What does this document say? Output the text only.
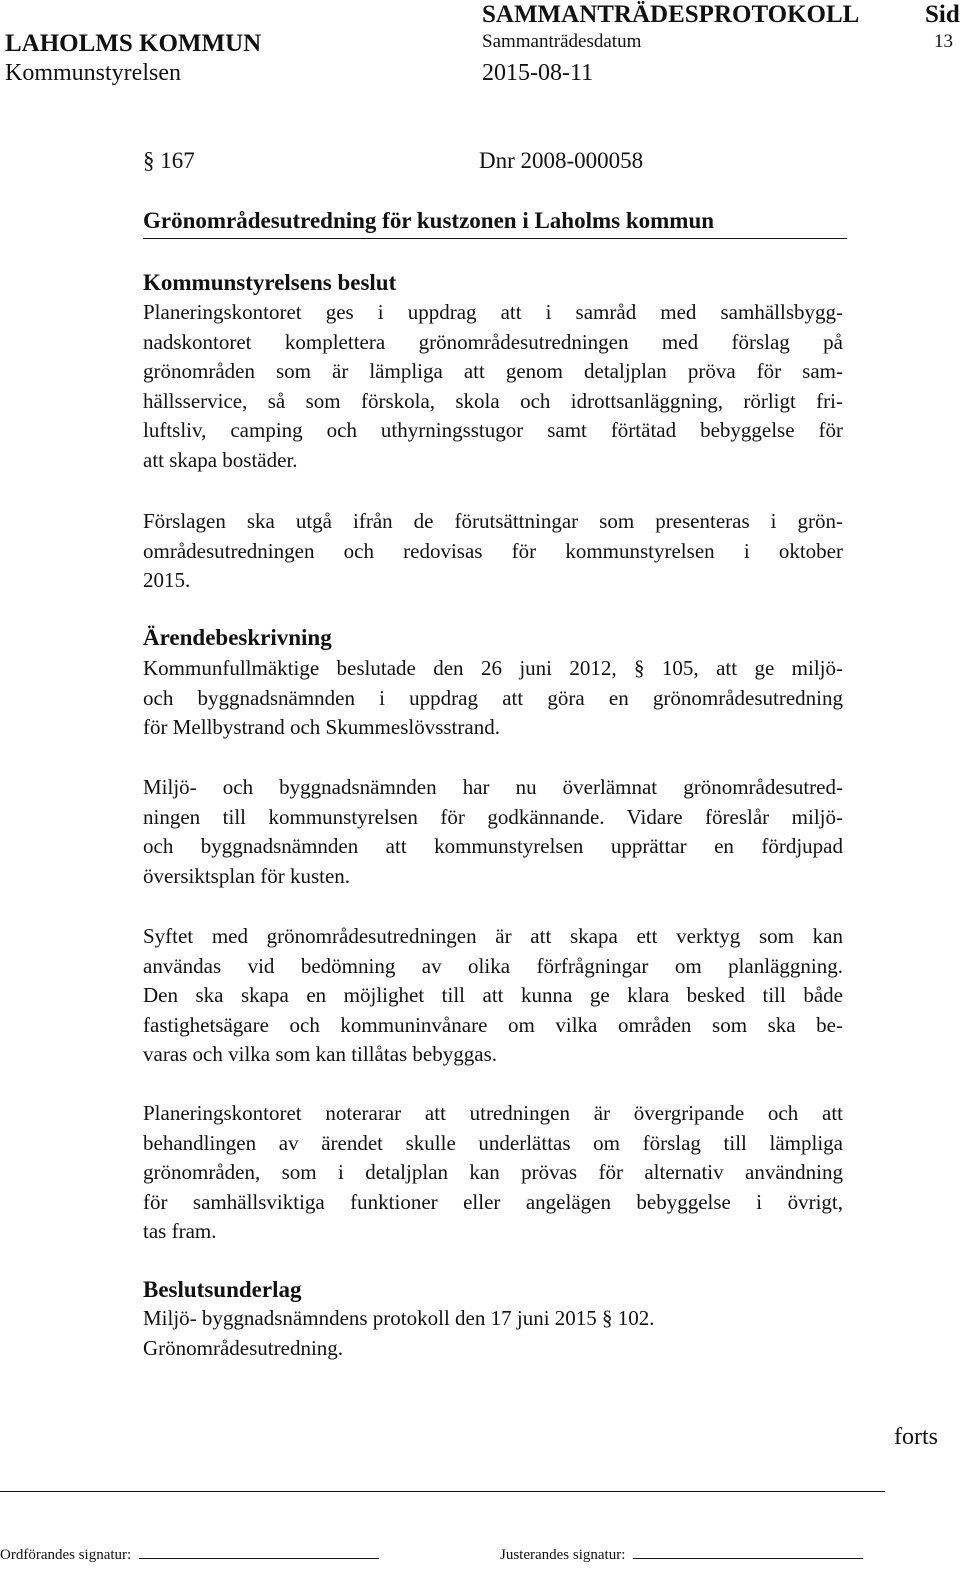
LAHOLMS KOMMUN
Kommunstyrelsen
SAMMANTRÄDESPROTOKOLL
Sammanträdesdatum
2015-08-11
Sid
13
§ 167	Dnr 2008-000058
Grönområdesutredning för kustzonen i Laholms kommun
Kommunstyrelsens beslut
Planeringskontoret ges i uppdrag att i samråd med samhällsbygg-
nadskontoret komplettera grönområdesutredningen med förslag på
grönområden som är lämpliga att genom detaljplan pröva för sam-
hällsservice, så som förskola, skola och idrottsanläggning, rörligt fri-
luftsliv, camping och uthyrningsstugor samt förtätad bebyggelse för
att skapa bostäder.
Förslagen ska utgå ifrån de förutsättningar som presenteras i grön-
områdesutredningen och redovisas för kommunstyrelsen i oktober
2015.
Ärendebeskrivning
Kommunfullmäktige beslutade den 26 juni 2012, § 105, att ge miljö-
och byggnadsnämnden i uppdrag att göra en grönområdesutredning
för Mellbystrand och Skummeslövsstrand.
Miljö- och byggnadsnämnden har nu överlämnat grönområdesutred-
ningen till kommunstyrelsen för godkännande. Vidare föreslår miljö-
och byggnadsnämnden att kommunstyrelsen upprättar en fördjupad
översiktsplan för kusten.
Syftet med grönområdesutredningen är att skapa ett verktyg som kan
användas vid bedömning av olika förfrågningar om planläggning.
Den ska skapa en möjlighet till att kunna ge klara besked till både
fastighetsägare och kommuninvånare om vilka områden som ska be-
varas och vilka som kan tillåtas bebyggas.
Planeringskontoret noterarar att utredningen är övergripande och att
behandlingen av ärendet skulle underlättas om förslag till lämpliga
grönområden, som i detaljplan kan prövas för alternativ användning
för samhällsviktiga funktioner eller angelägen bebyggelse i övrigt,
tas fram.
Beslutsunderlag
Miljö- byggnadsnämndens protokoll den 17 juni 2015 § 102.
Grönområdesutredning.
forts
Ordförandes signatur:	Justerandes signatur:
